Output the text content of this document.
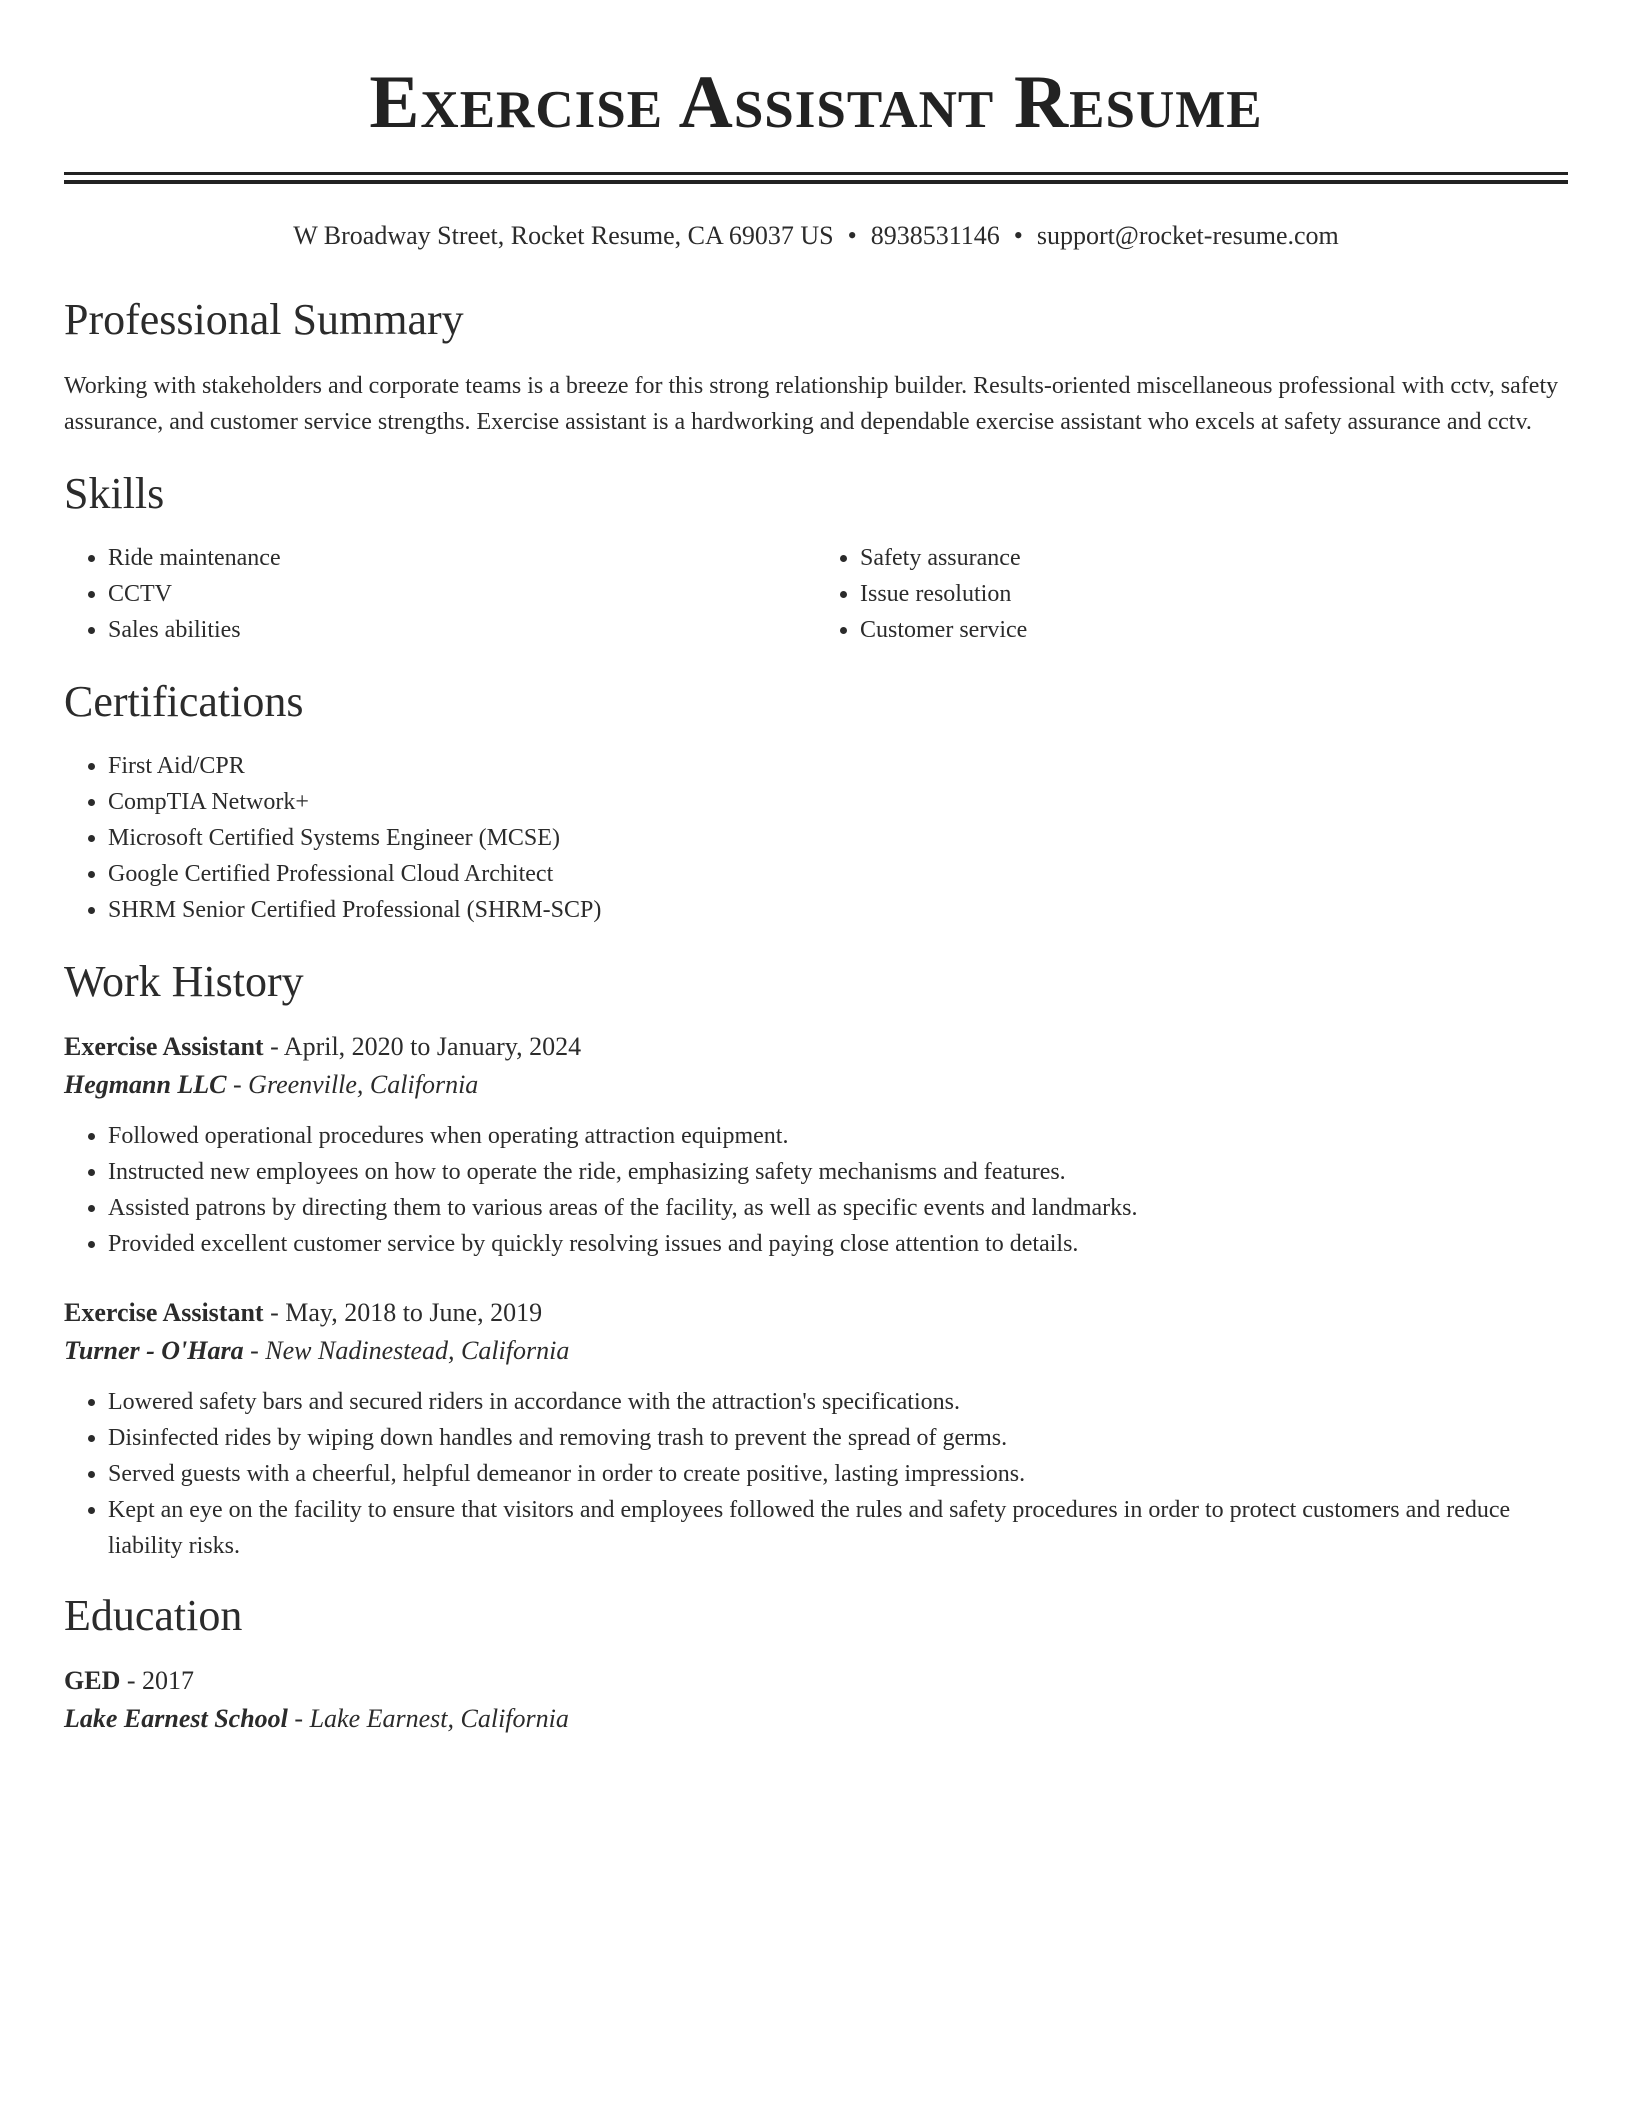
Exercise Assistant Resume
W Broadway Street, Rocket Resume, CA 69037 US • 8938531146 • support@rocket-resume.com
Professional Summary

Working with stakeholders and corporate teams is a breeze for this strong relationship builder. Results-oriented miscellaneous professional with cctv, safety assurance, and customer service strengths. Exercise assistant is a hardworking and dependable exercise assistant who excels at safety assurance and cctv.

Skills
• Ride maintenance
• CCTV
• Sales abilities
• Safety assurance
• Issue resolution
• Customer service
Certifications
• First Aid/CPR
• CompTIA Network+
• Microsoft Certified Systems Engineer (MCSE)
• Google Certified Professional Cloud Architect
• SHRM Senior Certified Professional (SHRM-SCP)
Work History
Exercise Assistant - April, 2020 to January, 2024
Hegmann LLC - Greenville, California
• Followed operational procedures when operating attraction equipment.
• Instructed new employees on how to operate the ride, emphasizing safety mechanisms and features.
• Assisted patrons by directing them to various areas of the facility, as well as specific events and landmarks.
• Provided excellent customer service by quickly resolving issues and paying close attention to details.
Exercise Assistant - May, 2018 to June, 2019
Turner - O'Hara - New Nadinestead, California
• Lowered safety bars and secured riders in accordance with the attraction's specifications.
• Disinfected rides by wiping down handles and removing trash to prevent the spread of germs.
• Served guests with a cheerful, helpful demeanor in order to create positive, lasting impressions.
• Kept an eye on the facility to ensure that visitors and employees followed the rules and safety procedures in order to protect customers and reduce liability risks.
Education
GED - 2017
Lake Earnest School - Lake Earnest, California
